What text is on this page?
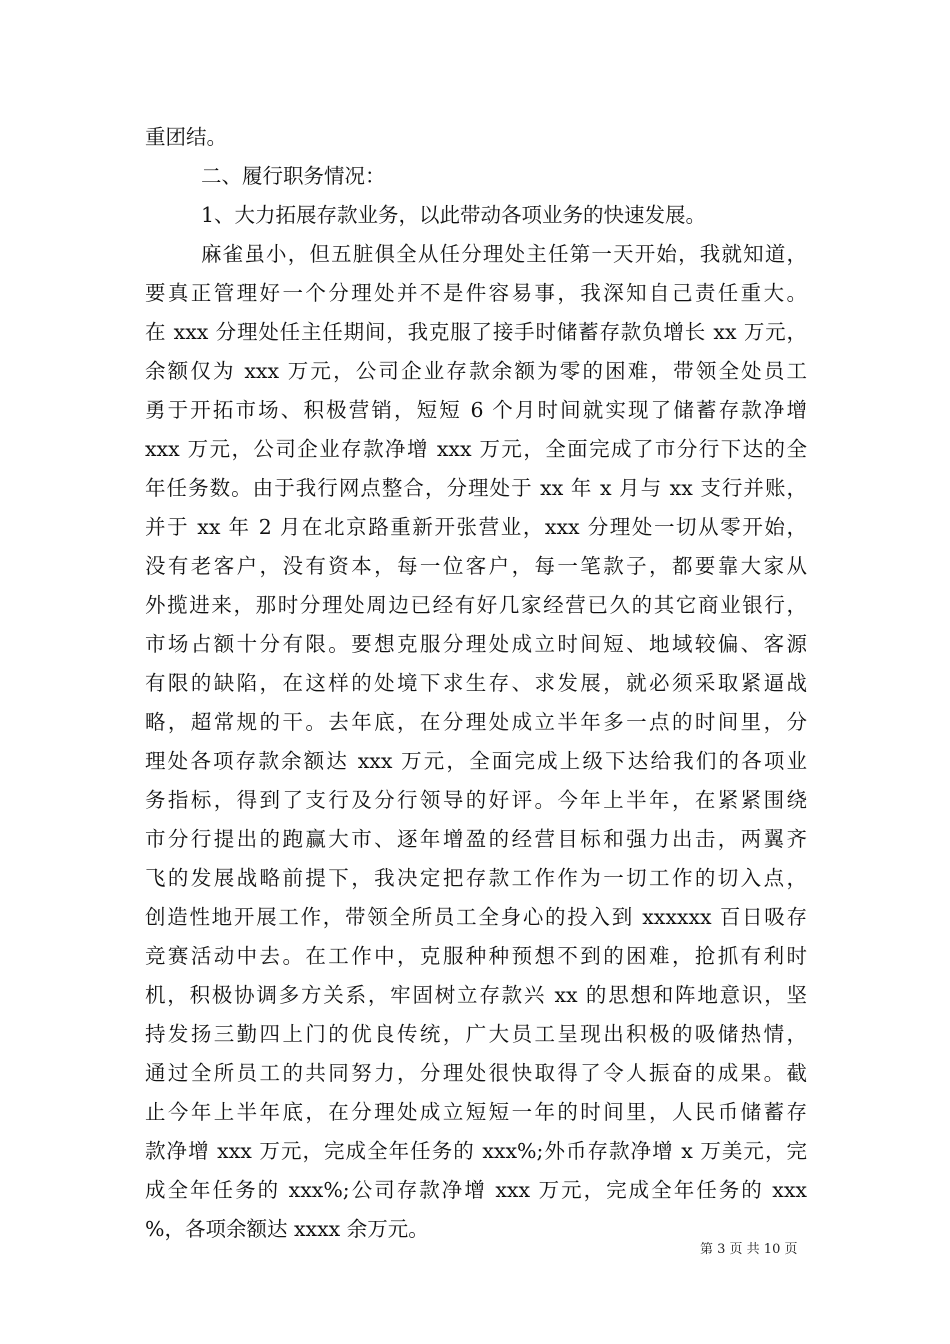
重团结。
二、履行职务情况：
1、大力拓展存款业务，以此带动各项业务的快速发展。
麻雀虽小，但五脏俱全从任分理处主任第一天开始，我就知道，
要真正管理好一个分理处并不是件容易事，我深知自己责任重大。
在 xxx 分理处任主任期间，我克服了接手时储蓄存款负增长 xx 万元，
余额仅为 xxx 万元，公司企业存款余额为零的困难，带领全处员工
勇于开拓市场、积极营销，短短 6 个月时间就实现了储蓄存款净增
xxx 万元，公司企业存款净增 xxx 万元，全面完成了市分行下达的全
年任务数。由于我行网点整合，分理处于 xx 年 x 月与 xx 支行并账，
并于 xx 年 2 月在北京路重新开张营业，xxx 分理处一切从零开始，
没有老客户，没有资本，每一位客户，每一笔款子，都要靠大家从
外揽进来，那时分理处周边已经有好几家经营已久的其它商业银行，
市场占额十分有限。要想克服分理处成立时间短、地域较偏、客源
有限的缺陷，在这样的处境下求生存、求发展，就必须采取紧逼战
略，超常规的干。去年底，在分理处成立半年多一点的时间里，分
理处各项存款余额达 xxx 万元，全面完成上级下达给我们的各项业
务指标，得到了支行及分行领导的好评。今年上半年，在紧紧围绕
市分行提出的跑赢大市、逐年增盈的经营目标和强力出击，两翼齐
飞的发展战略前提下，我决定把存款工作作为一切工作的切入点，
创造性地开展工作，带领全所员工全身心的投入到 xxxxxx 百日吸存
竞赛活动中去。在工作中，克服种种预想不到的困难，抢抓有利时
机，积极协调多方关系，牢固树立存款兴 xx 的思想和阵地意识，坚
持发扬三勤四上门的优良传统，广大员工呈现出积极的吸储热情，
通过全所员工的共同努力，分理处很快取得了令人振奋的成果。截
止今年上半年底，在分理处成立短短一年的时间里，人民币储蓄存
款净增 xxx 万元，完成全年任务的 xxx%;外币存款净增 x 万美元，完
成全年任务的 xxx%;公司存款净增 xxx 万元，完成全年任务的 xxx
%，各项余额达 xxxx 余万元。
第 3 页 共 10 页
